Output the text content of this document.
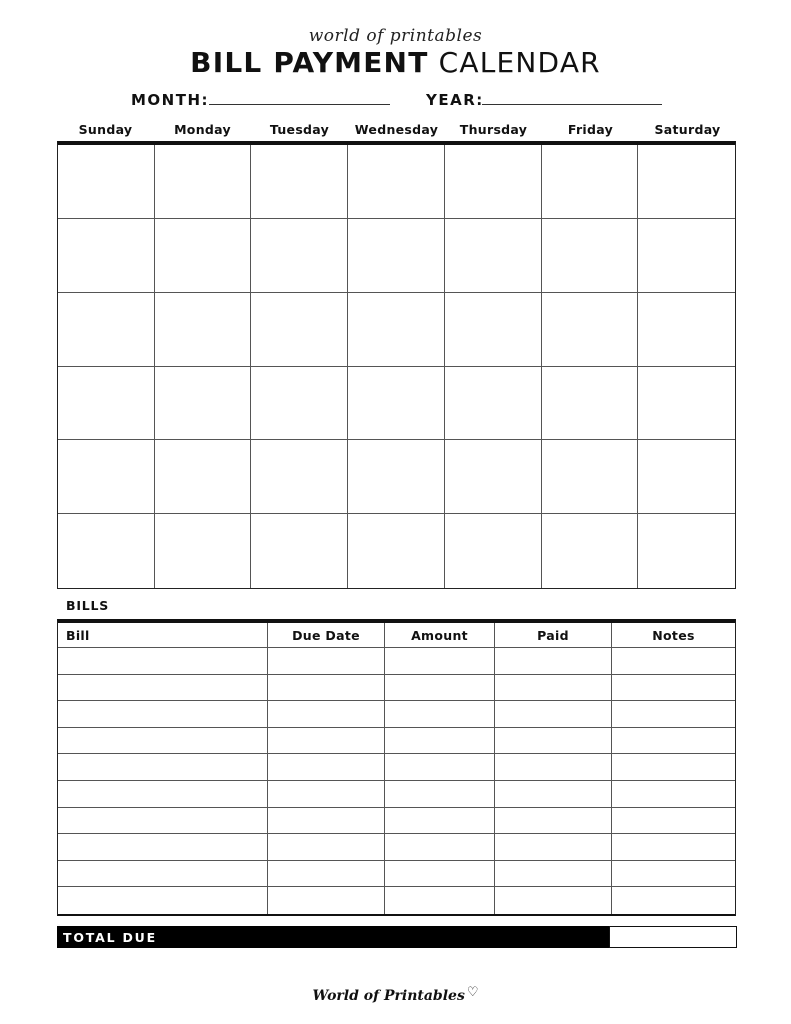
world of printables
BILL PAYMENT CALENDAR
MONTH:	YEAR:
Sunday	Monday	Tuesday	Wednesday	Thursday	Friday	Saturday
BILLS
Bill	Due Date	Amount	Paid	Notes
TOTAL DUE
World of Printables ♡
